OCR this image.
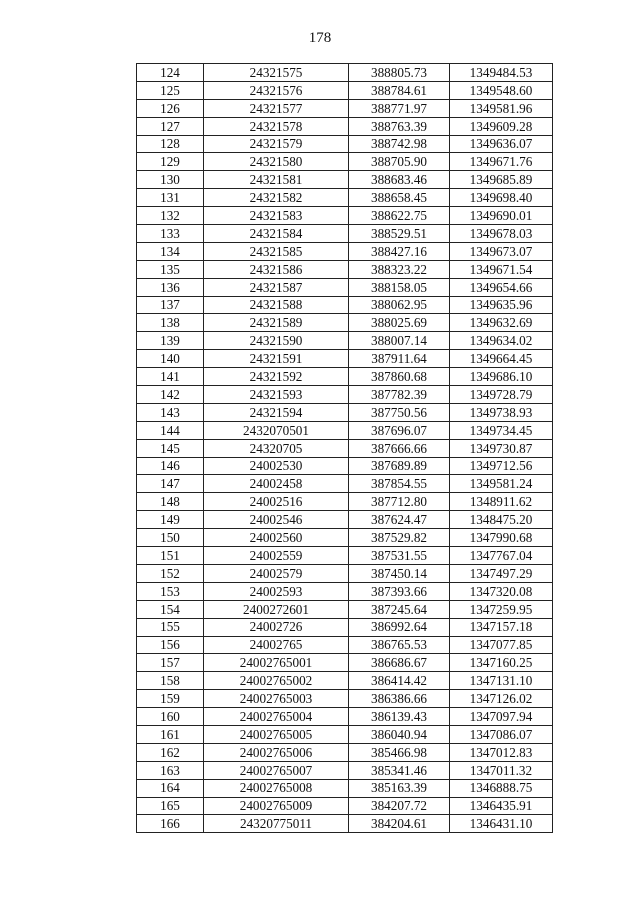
178
124	24321575	388805.73	1349484.53
125	24321576	388784.61	1349548.60
126	24321577	388771.97	1349581.96
127	24321578	388763.39	1349609.28
128	24321579	388742.98	1349636.07
129	24321580	388705.90	1349671.76
130	24321581	388683.46	1349685.89
131	24321582	388658.45	1349698.40
132	24321583	388622.75	1349690.01
133	24321584	388529.51	1349678.03
134	24321585	388427.16	1349673.07
135	24321586	388323.22	1349671.54
136	24321587	388158.05	1349654.66
137	24321588	388062.95	1349635.96
138	24321589	388025.69	1349632.69
139	24321590	388007.14	1349634.02
140	24321591	387911.64	1349664.45
141	24321592	387860.68	1349686.10
142	24321593	387782.39	1349728.79
143	24321594	387750.56	1349738.93
144	2432070501	387696.07	1349734.45
145	24320705	387666.66	1349730.87
146	24002530	387689.89	1349712.56
147	24002458	387854.55	1349581.24
148	24002516	387712.80	1348911.62
149	24002546	387624.47	1348475.20
150	24002560	387529.82	1347990.68
151	24002559	387531.55	1347767.04
152	24002579	387450.14	1347497.29
153	24002593	387393.66	1347320.08
154	2400272601	387245.64	1347259.95
155	24002726	386992.64	1347157.18
156	24002765	386765.53	1347077.85
157	24002765001	386686.67	1347160.25
158	24002765002	386414.42	1347131.10
159	24002765003	386386.66	1347126.02
160	24002765004	386139.43	1347097.94
161	24002765005	386040.94	1347086.07
162	24002765006	385466.98	1347012.83
163	24002765007	385341.46	1347011.32
164	24002765008	385163.39	1346888.75
165	24002765009	384207.72	1346435.91
166	24320775011	384204.61	1346431.10
